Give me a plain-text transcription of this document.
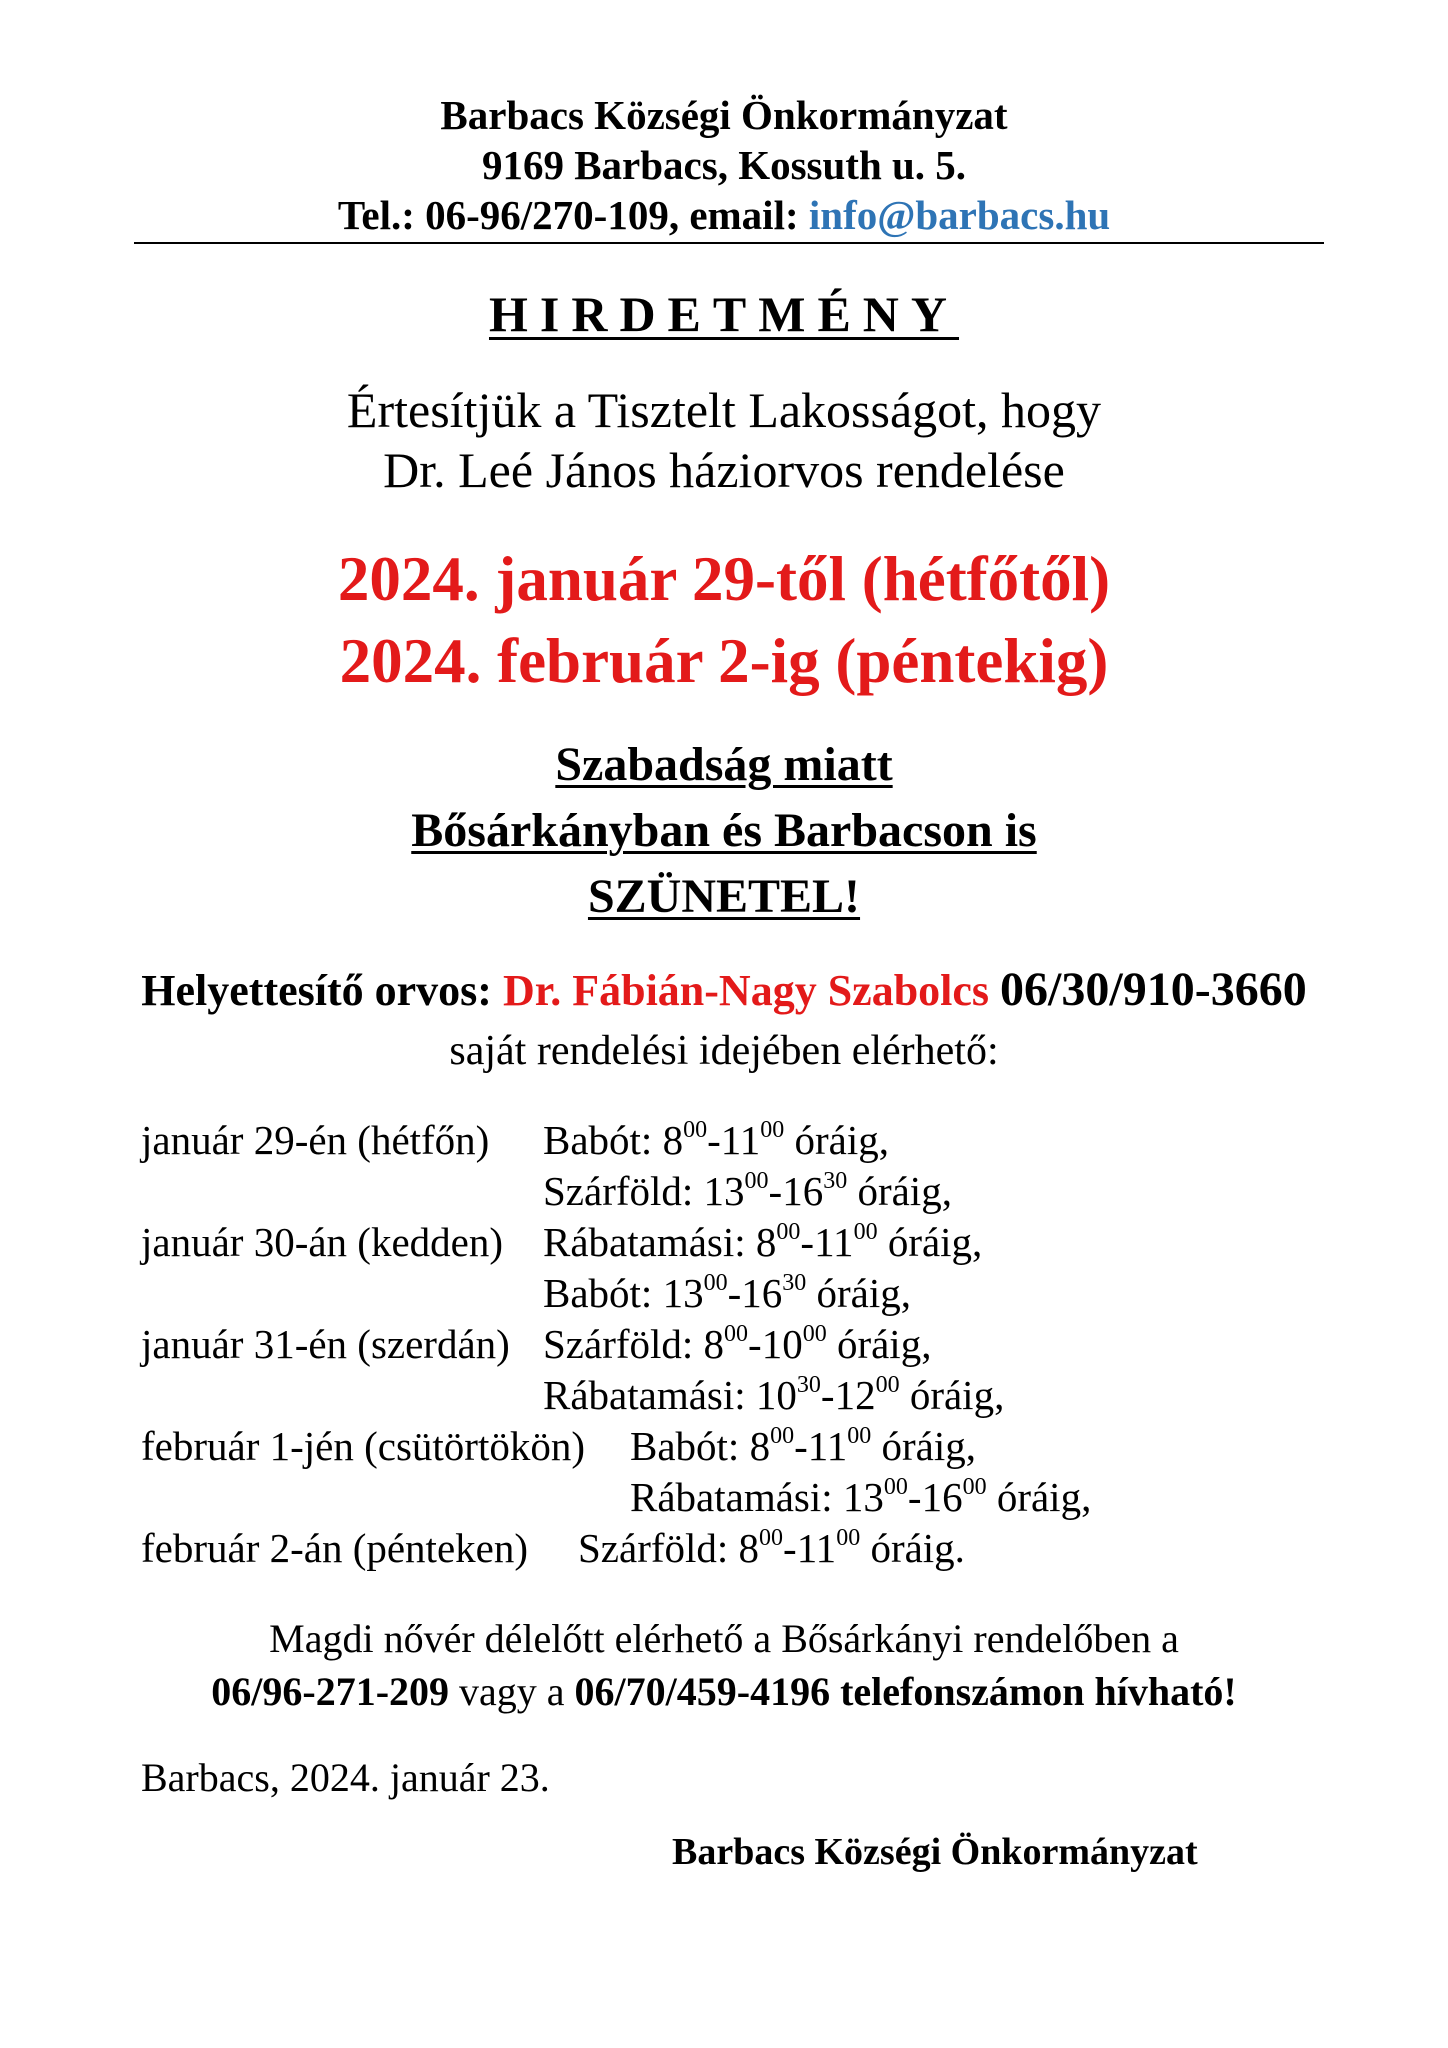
Barbacs Községi Önkormányzat
9169 Barbacs, Kossuth u. 5.
Tel.: 06-96/270-109, email: info@barbacs.hu
HIRDETMÉNY
Értesítjük a Tisztelt Lakosságot, hogy
Dr. Leé János háziorvos rendelése
2024. január 29-től (hétfőtől)
2024. február 2-ig (péntekig)
Szabadság miatt
Bősárkányban és Barbacson is
SZÜNETEL!
Helyettesítő orvos: Dr. Fábián-Nagy Szabolcs 06/30/910-3660
saját rendelési idejében elérhető:
január 29-én (hétfőn) Babót: $8^{00}-11^{00}$ óráig,
Szárföld: $13^{00}-16^{30}$ óráig,
január 30-án (kedden) Rábatamási: $8^{00}-11^{00}$ óráig,
Babót: $13^{00}-16^{30}$ óráig,
január 31-én (szerdán) Szárföld: $8^{00}-10^{00}$ óráig,
Rábatamási: $10^{30}-12^{00}$ óráig,
február 1-jén (csütörtökön) Babót: $8^{00}-11^{00}$ óráig,
Rábatamási: $13^{00}-16^{00}$ óráig,
február 2-án (pénteken) Szárföld: $8^{00}-11^{00}$ óráig.
Magdi nővér délelőtt elérhető a Bősárkányi rendelőben a
06/96-271-209 vagy a 06/70/459-4196 telefonszámon hívható!
Barbacs, 2024. január 23.
Barbacs Községi Önkormányzat
